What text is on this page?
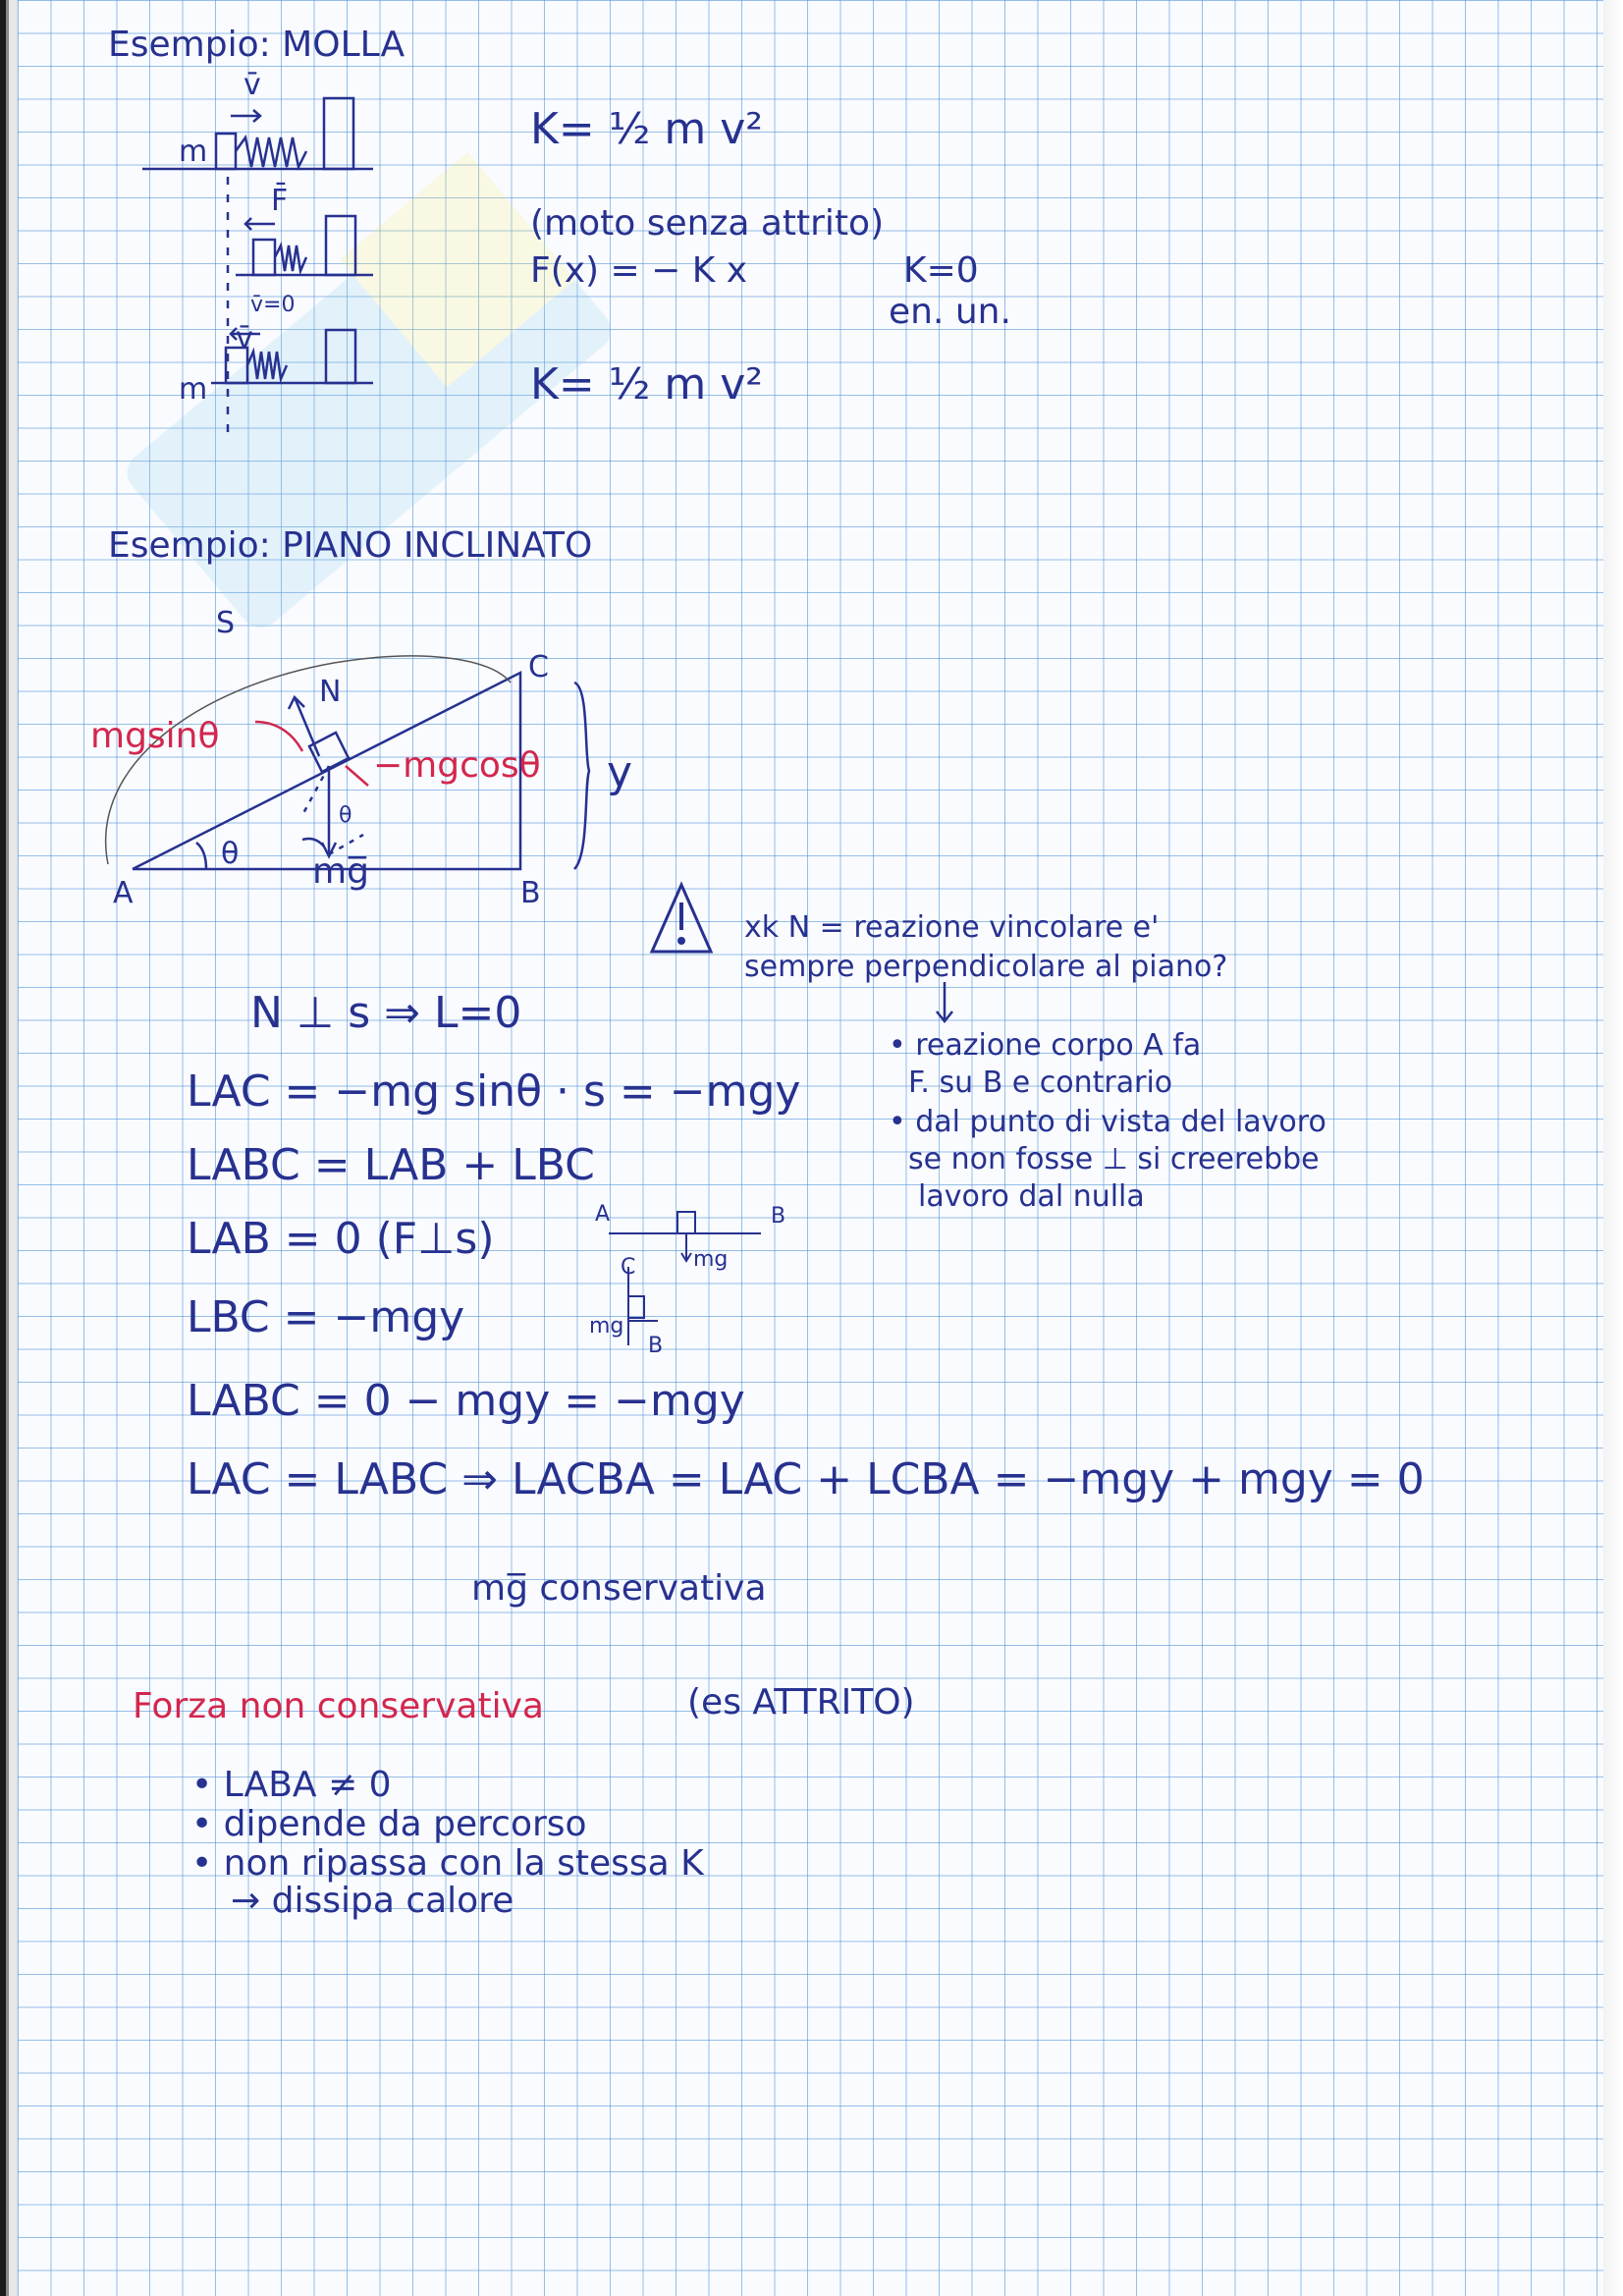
Esempio: MOLLA
v̄
m
F̄
v̄=0
v̄
m
K= ½ m v²
(moto senza attrito)
F(x) = − K x	K=0
en. un.
K= ½ m v²
Esempio: PIANO INCLINATO
S
C
N
mgsinθ
−mgcosθ y
θ
θ
mg̅
A	B
xk N = reazione vincolare e'
sempre perpendicolare al piano?
• reazione corpo A fa
F. su B e contrario
• dal punto di vista del lavoro
se non fosse ⊥ si creerebbe
lavoro dal nulla
N ⊥ s ⇒ L=0
LAC = −mg sinθ · s = −mgy
LABC = LAB + LBC
LAB = 0 (F⊥s)
LBC = −mgy
LABC = 0 − mgy = −mgy
LAC = LABC ⇒ LACBA = LAC + LCBA = −mgy + mgy = 0
mg̅ conservativa
A	B
C	mg
mg
B
Forza non conservativa	(es ATTRITO)
• LABA ≠ 0
• dipende da percorso
• non ripassa con la stessa K
→ dissipa calore
